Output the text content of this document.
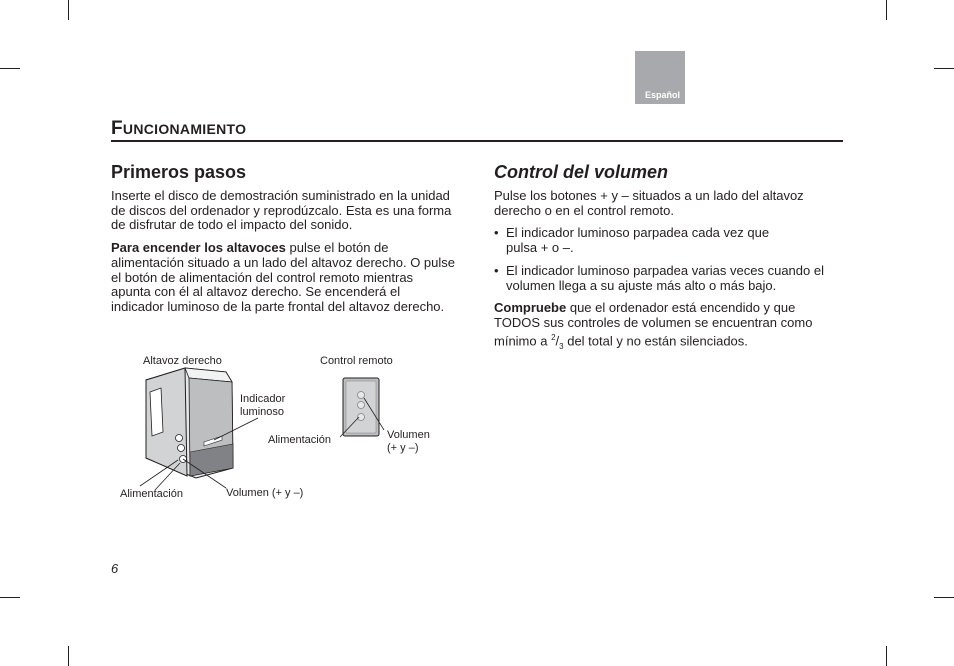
Español
FUNCIONAMIENTO
Primeros pasos

Inserte el disco de demostración suministrado en la unidad de discos del ordenador y reprodúzcalo. Esta es una forma de disfrutar de todo el impacto del sonido.

Para encender los altavoces pulse el botón de alimentación situado a un lado del altavoz derecho. O pulse el botón de alimentación del control remoto mientras apunta con él al altavoz derecho. Se encenderá el indicador luminoso de la parte frontal del altavoz derecho.

Control del volumen

Pulse los botones + y – situados a un lado del altavoz derecho o en el control remoto.

• El indicador luminoso parpadea cada vez que
pulsa + o –.
• El indicador luminoso parpadea varias veces cuando el volumen llega a su ajuste más alto o más bajo.

Compruebe que el ordenador está encendido y que TODOS sus controles de volumen se encuentran como mínimo a $^2/_3$ del total y no están silenciados.

Altavoz derecho	Control remoto
Indicador
luminoso
Alimentación	Volumen (+ y –)
Alimentación	Volumen
(+ y –)
6
